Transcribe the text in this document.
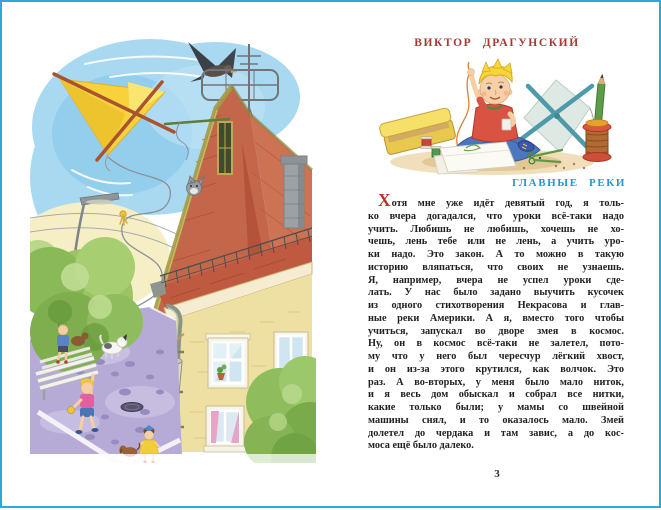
ВИКТОР ДРАГУНСКИЙ
ГЛАВНЫЕ РЕКИ
Хотя мне уже идёт девятый год, я толь-
ко вчера догадался, что уроки всё-таки надо
учить. Любишь не любишь, хочешь не хо-
чешь, лень тебе или не лень, а учить уро-
ки надо. Это закон. А то можно в такую
историю вляпаться, что своих не узнаешь.
Я, например, вчера не успел уроки сде-
лать. У нас было задано выучить кусочек
из одного стихотворения Некрасова и глав-
ные реки Америки. А я, вместо того чтобы
учиться, запускал во дворе змея в космос.
Ну, он в космос всё-таки не залетел, пото-
му что у него был чересчур лёгкий хвост,
и он из-за этого крутился, как волчок. Это
раз. А во-вторых, у меня было мало ниток,
и я весь дом обыскал и собрал все нитки,
какие только были; у мамы со швейной
машины снял, и то оказалось мало. Змей
долетел до чердака и там завис, а до кос-
моса ещё было далеко.
3
